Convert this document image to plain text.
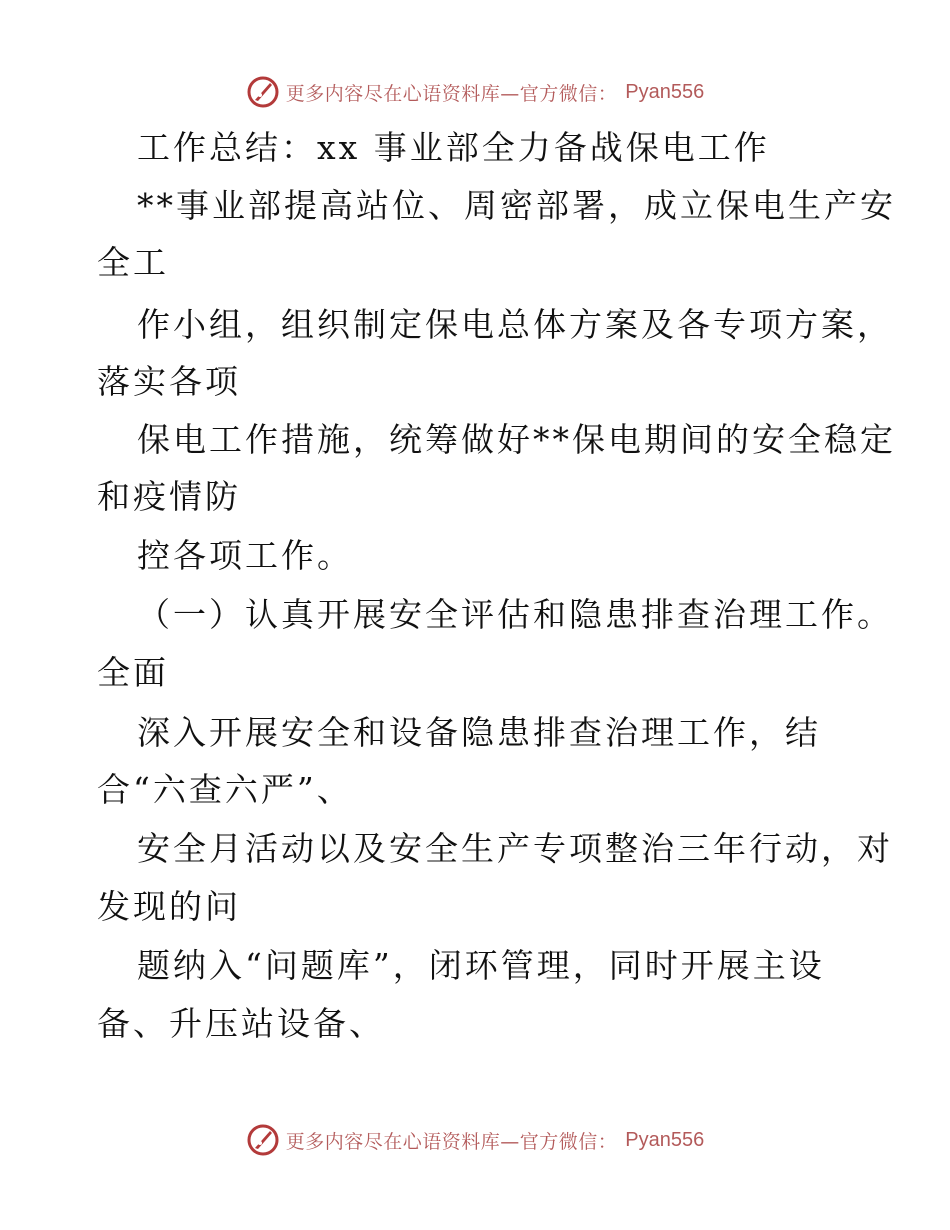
更多内容尽在心语资料库—官方微信： Pyan556
工作总结：xx 事业部全力备战保电工作
**事业部提高站位、周密部署，成立保电生产安
全工
作小组，组织制定保电总体方案及各专项方案，
落实各项
保电工作措施，统筹做好**保电期间的安全稳定
和疫情防
控各项工作。
（一）认真开展安全评估和隐患排查治理工作。
全面
深入开展安全和设备隐患排查治理工作，结
合“六查六严”、
安全月活动以及安全生产专项整治三年行动，对
发现的问
题纳入“问题库”，闭环管理，同时开展主设
备、升压站设备、
更多内容尽在心语资料库—官方微信： Pyan556
